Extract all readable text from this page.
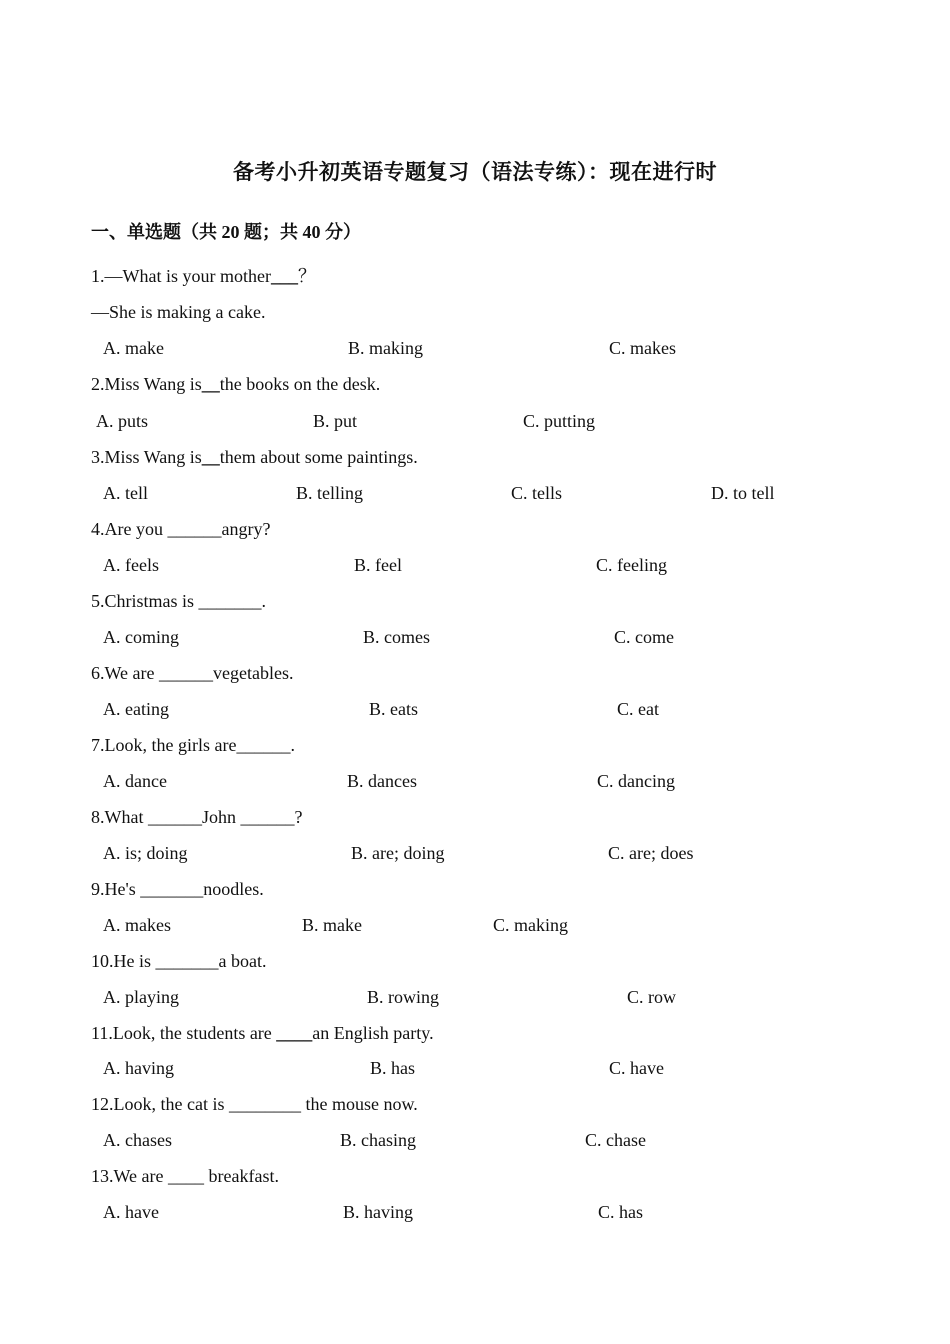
备考小升初英语专题复习（语法专练）：现在进行时
一、单选题（共 20 题；共 40 分）
1.—What is your mother___？
—She is making a cake.
A. make	B. making	C. makes
2.Miss Wang is__the books on the desk.
A. puts	B. put	C. putting
3.Miss Wang is__them about some paintings.
A. tell	B. telling	C. tells	D. to tell
4.Are you ______angry?
A. feels	B. feel	C. feeling
5.Christmas is _______.
A. coming	B. comes	C. come
6.We are ______vegetables.
A. eating	B. eats	C. eat
7.Look, the girls are______.
A. dance	B. dances	C. dancing
8.What ______John ______?
A. is; doing	B. are; doing	C. are; does
9.He's _______noodles.
A. makes	B. make	C. making
10.He is _______a boat.
A. playing	B. rowing	C. row
11.Look, the students are ____an English party.
A. having	B. has	C. have
12.Look, the cat is ________ the mouse now.
A. chases	B. chasing	C. chase
13.We are ____ breakfast.
A. have	B. having	C. has
